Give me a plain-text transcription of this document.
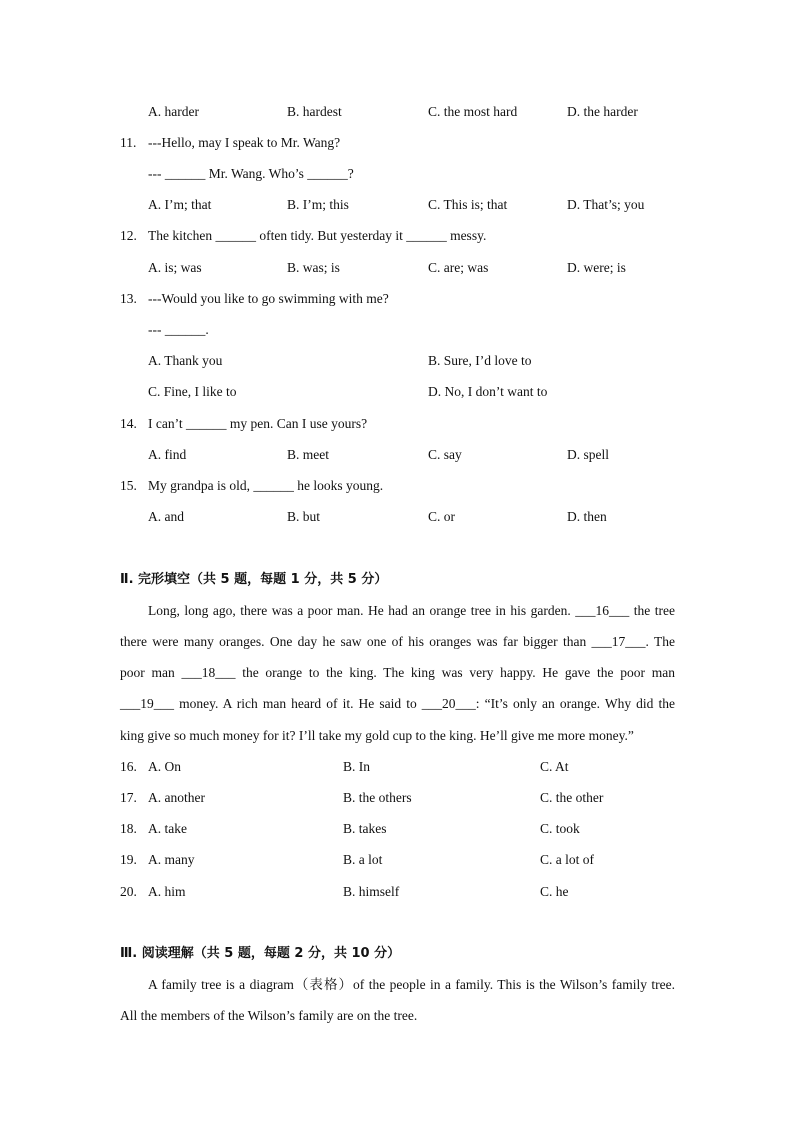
A. harder	B. hardest	C. the most hard	D. the harder
11. ---Hello, may I speak to Mr. Wang?
--- ______ Mr. Wang. Who’s ______?
A. I’m; that	B. I’m; this	C. This is; that	D. That’s; you
12. The kitchen ______ often tidy. But yesterday it ______ messy.
A. is; was	B. was; is	C. are; was	D. were; is
13. ---Would you like to go swimming with me?
--- ______.
A. Thank you	B. Sure, I’d love to
C. Fine, I like to	D. No, I don’t want to
14. I can’t ______ my pen. Can I use yours?
A. find	B. meet	C. say	D. spell
15. My grandpa is old, ______ he looks young.
A. and	B. but	C. or	D. then
Ⅱ. 完形填空（共 5 题，每题 1 分，共 5 分）
Long, long ago, there was a poor man. He had an orange tree in his garden. ___16___ the tree
there were many oranges. One day he saw one of his oranges was far bigger than ___17___. The
poor man ___18___ the orange to the king. The king was very happy. He gave the poor man
___19___ money. A rich man heard of it. He said to ___20___: “It’s only an orange. Why did the
king give so much money for it? I’ll take my gold cup to the king. He’ll give me more money.”
16. A. On	B. In	C. At
17. A. another	B. the others	C. the other
18. A. take	B. takes	C. took
19. A. many	B. a lot	C. a lot of
20. A. him	B. himself	C. he
Ⅲ. 阅读理解（共 5 题，每题 2 分，共 10 分）
A family tree is a diagram（表格）of the people in a family. This is the Wilson’s family tree.
All the members of the Wilson’s family are on the tree.
